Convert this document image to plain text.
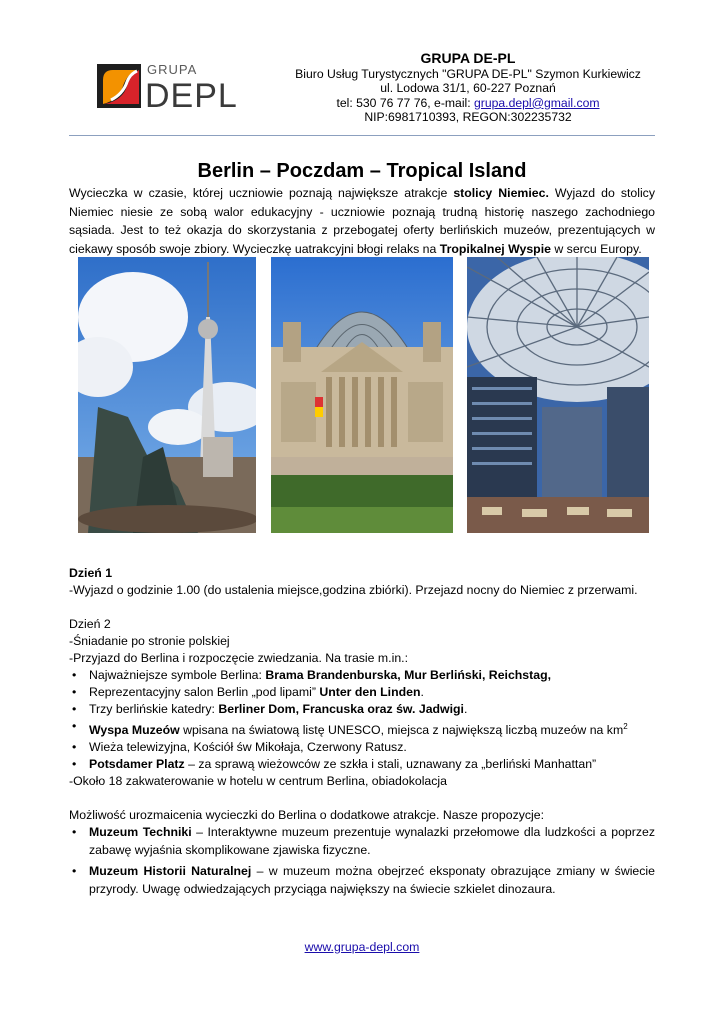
GRUPA
DEPL
GRUPA DE-PL
Biuro Usług Turystycznych "GRUPA DE-PL" Szymon Kurkiewicz
ul. Lodowa 31/1, 60-227 Poznań
tel: 530 76 77 76, e-mail: grupa.depl@gmail.com
NIP:6981710393, REGON:302235732
Berlin – Poczdam – Tropical Island
Wycieczka w czasie, której uczniowie poznają największe atrakcje stolicy Niemiec. Wyjazd do stolicy Niemiec niesie ze sobą walor edukacyjny - uczniowie poznają trudną historię naszego zachodniego sąsiada. Jest to też okazja do skorzystania z przebogatej oferty berlińskich muzeów, prezentujących w ciekawy sposób swoje zbiory. Wycieczkę uatrakcyjni błogi relaks na Tropikalnej Wyspie w sercu Europy.

Dzień 1

-Wyjazd o godzinie 1.00 (do ustalenia miejsce,godzina zbiórki). Przejazd nocny do Niemiec z przerwami.

Dzień 2

-Śniadanie po stronie polskiej

-Przyjazd do Berlina i rozpoczęcie zwiedzania. Na trasie m.in.:

• Najważniejsze symbole Berlina: Brama Brandenburska, Mur Berliński, Reichstag,
• Reprezentacyjny salon Berlin „pod lipami” Unter den Linden.
• Trzy berlińskie katedry: Berliner Dom, Francuska oraz św. Jadwigi.
• Wyspa Muzeów wpisana na światową listę UNESCO, miejsca z największą liczbą muzeów na $km^2$
• Wieża telewizyjna, Kościół św Mikołaja, Czerwony Ratusz.
• Potsdamer Platz – za sprawą wieżowców ze szkła i stali, uznawany za „berliński Manhattan”

-Około 18 zakwaterowanie w hotelu w centrum Berlina, obiadokolacja

Możliwość urozmaicenia wycieczki do Berlina o dodatkowe atrakcje. Nasze propozycje:

• Muzeum Techniki – Interaktywne muzeum prezentuje wynalazki przełomowe dla ludzkości a poprzez zabawę wyjaśnia skomplikowane zjawiska fizyczne.
• Muzeum Historii Naturalnej – w muzeum można obejrzeć eksponaty obrazujące zmiany w świecie przyrody. Uwagę odwiedzających przyciąga największy na świecie szkielet dinozaura.
www.grupa-depl.com
